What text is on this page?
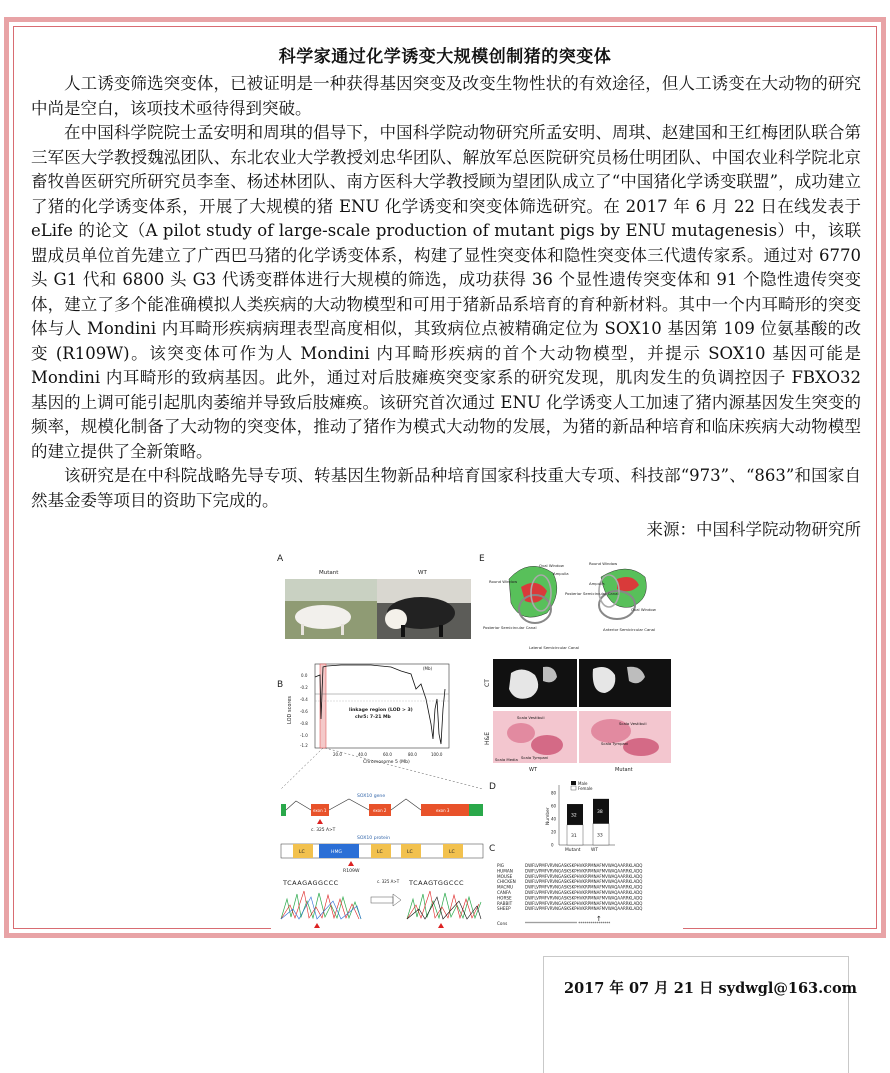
科学家通过化学诱变大规模创制猪的突变体

人工诱变筛选突变体，已被证明是一种获得基因突变及改变生物性状的有效途径，但人工诱变在大动物的研究中尚是空白，该项技术亟待得到突破。

在中国科学院院士孟安明和周琪的倡导下，中国科学院动物研究所孟安明、周琪、赵建国和王红梅团队联合第三军医大学教授魏泓团队、东北农业大学教授刘忠华团队、解放军总医院研究员杨仕明团队、中国农业科学院北京畜牧兽医研究所研究员李奎、杨述林团队、南方医科大学教授顾为望团队成立了“中国猪化学诱变联盟”，成功建立了猪的化学诱变体系，开展了大规模的猪 ENU 化学诱变和突变体筛选研究。在 2017 年 6 月 22 日在线发表于 eLife 的论文（A pilot study of large-scale production of mutant pigs by ENU mutagenesis）中，该联盟成员单位首先建立了广西巴马猪的化学诱变体系，构建了显性突变体和隐性突变体三代遗传家系。通过对 6770 头 G1 代和 6800 头 G3 代诱变群体进行大规模的筛选，成功获得 36 个显性遗传突变体和 91 个隐性遗传突变体，建立了多个能准确模拟人类疾病的大动物模型和可用于猪新品系培育的育种新材料。其中一个内耳畸形的突变体与人 Mondini 内耳畸形疾病病理表型高度相似，其致病位点被精确定位为 SOX10 基因第 109 位氨基酸的改变 (R109W)。该突变体可作为人 Mondini 内耳畸形疾病的首个大动物模型，并提示 SOX10 基因可能是 Mondini 内耳畸形的致病基因。此外，通过对后肢瘫痪突变家系的研究发现，肌肉发生的负调控因子 FBXO32 基因的上调可能引起肌肉萎缩并导致后肢瘫痪。该研究首次通过 ENU 化学诱变人工加速了猪内源基因发生突变的频率，规模化制备了大动物的突变体，推动了猪作为模式大动物的发展，为猪的新品种培育和临床疾病大动物模型的建立提供了全新策略。

该研究是在中科院战略先导专项、转基因生物新品种培育国家科技重大专项、科技部“973”、“863”和国家自然基金委等项目的资助下完成的。

来源：中国科学院动物研究所
A
Mutant	WT
B
LOD scores
0.0
-0.2
-0.4
-0.6
-0.8
-1.0
-1.2
linkage region (LOD > 3)
chr5: 7-21 Mb
(Mb)
20.0	40.0	60.0	80.0	100.0
Chromosome 5 (Mb)
SOX10 gene
exon 1	exon 2	exon 3
c. 325 A>T
SOX10 protein
LC	HMG	LC	LC	LC
R109W
TCAAGAGGCCC	TCAAGTGGCCC
c. 325 A>T
E
Oval Window	Round Window
Round Window
Ampulla
Ampulla
Oval Window
Posterior Semicircular Canal
Posterior Semicircular Canal
Anterior Semicircular Canal
Lateral Semicircular Canal
CT
H&E
Scala Vestibuli
Scala Vestibuli
Scala Tympani
Scala Tympani
Scala Media
WT	Mutant
D	Male
Female
Number
0
20
40
60
80
32
31
Mutant
38
33
WT
C
PIG	DWFLVPMFVRVNGASKSKPHVKRPMNAFMVWAQAARRKLADQ
HUMAN	DWFLVPMFVRVNGASKSKPHVKRPMNAFMVWAQAARRKLADQ
MOUSE	DWFLVPMFVRVNGASKSKPHVKRPMNAFMVWAQAARRKLADQ
CHICKEN DWFLVPMFVRVNGASKSKPHVKRPMNAFMVWAQAARRKLADQ
MACMU	DWFLVPMFVRVNGASKSKPHVKRPMNAFMVWAQAARRKLADQ
CANFA	DWFLVPMFVRVNGASKSKPHVKRPMNAFMVWAQAARRKLADQ
HORSE	DWFLVPMFVRVNGASKSKPHVKRPMNAFMVWAQAARRKLADQ
RABBIT	DWFLVPMFVRVNGASKSKPHVKRPMNAFMVWAQAARRKLADQ
SHEEP	DWFLVPMFVRVNGASKSKPHVKRPMNAFMVWAQAARRKLADQ
Cons	************************** ****************
↑
2017 年 07 月 21 日 sydwgl@163.com
